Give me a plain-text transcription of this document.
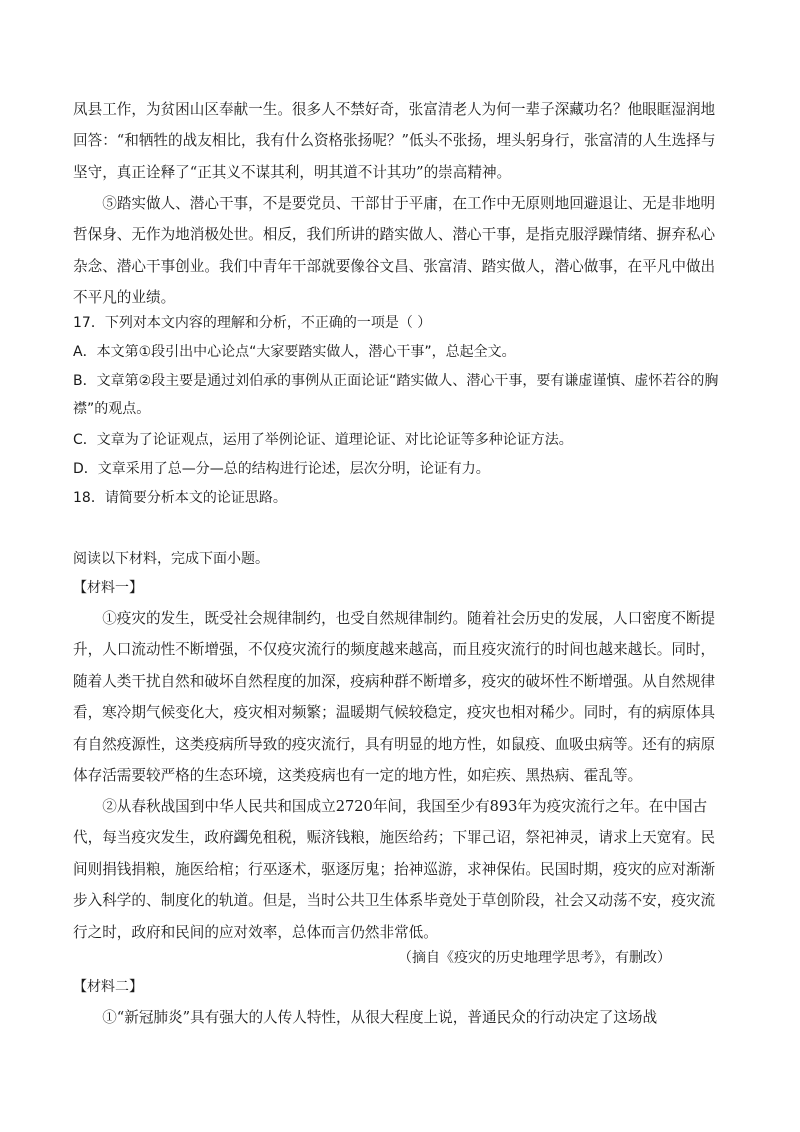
凤县工作，为贫困山区奉献一生。很多人不禁好奇，张富清老人为何一辈子深藏功名？他眼眶湿润地回答：“和牺牲的战友相比，我有什么资格张扬呢？”低头不张扬，埋头躬身行，张富清的人生选择与坚守，真正诠释了“正其义不谋其利，明其道不计其功”的崇高精神。

⑤踏实做人、潜心干事，不是要党员、干部甘于平庸，在工作中无原则地回避退让、无是非地明哲保身、无作为地消极处世。相反，我们所讲的踏实做人、潜心干事，是指克服浮躁情绪、摒弃私心杂念、潜心干事创业。我们中青年干部就要像谷文昌、张富清、踏实做人，潜心做事，在平凡中做出不平凡的业绩。

17．下列对本文内容的理解和分析，不正确的一项是（ ）

A．本文第①段引出中心论点“大家要踏实做人，潜心干事”，总起全文。

B．文章第②段主要是通过刘伯承的事例从正面论证“踏实做人、潜心干事，要有谦虚谨慎、虚怀若谷的胸襟”的观点。

C．文章为了论证观点，运用了举例论证、道理论证、对比论证等多种论证方法。

D．文章采用了总—分—总的结构进行论述，层次分明，论证有力。

18．请简要分析本文的论证思路。

阅读以下材料，完成下面小题。

【材料一】

①疫灾的发生，既受社会规律制约，也受自然规律制约。随着社会历史的发展，人口密度不断提升，人口流动性不断增强，不仅疫灾流行的频度越来越高，而且疫灾流行的时间也越来越长。同时，随着人类干扰自然和破坏自然程度的加深，疫病种群不断增多，疫灾的破坏性不断增强。从自然规律看，寒冷期气候变化大，疫灾相对频繁；温暖期气候较稳定，疫灾也相对稀少。同时，有的病原体具有自然疫源性，这类疫病所导致的疫灾流行，具有明显的地方性，如鼠疫、血吸虫病等。还有的病原体存活需要较严格的生态环境，这类疫病也有一定的地方性，如疟疾、黑热病、霍乱等。

②从春秋战国到中华人民共和国成立2720年间，我国至少有893年为疫灾流行之年。在中国古代，每当疫灾发生，政府蠲免租税，赈济钱粮，施医给药；下罪己诏，祭祀神灵，请求上天宽宥。民间则捐钱捐粮，施医给棺；行巫逐术，驱逐厉鬼；抬神巡游，求神保佑。民国时期，疫灾的应对渐渐步入科学的、制度化的轨道。但是，当时公共卫生体系毕竟处于草创阶段，社会又动荡不安，疫灾流行之时，政府和民间的应对效率，总体而言仍然非常低。

（摘自《疫灾的历史地理学思考》，有删改）

【材料二】

①“新冠肺炎”具有强大的人传人特性，从很大程度上说，普通民众的行动决定了这场战
